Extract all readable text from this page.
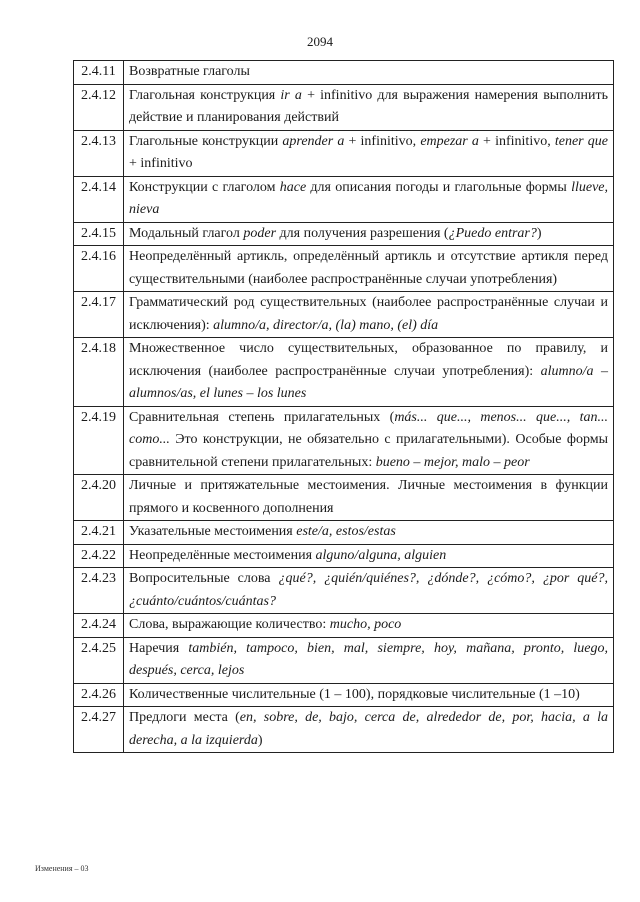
2094
2.4.11	Возвратные глаголы
2.4.12	Глагольная конструкция ir a + infinitivo для выражения намерения выполнить действие и планирования действий
2.4.13	Глагольные конструкции aprender a + infinitivo, empezar a + infinitivo, tener que + infinitivo
2.4.14	Конструкции с глаголом hace для описания погоды и глагольные формы llueve, nieva
2.4.15	Модальный глагол poder для получения разрешения (¿Puedo entrar?)
2.4.16	Неопределённый артикль, определённый артикль и отсутствие артикля перед существительными (наиболее распространённые случаи употребления)
2.4.17	Грамматический род существительных (наиболее распространённые случаи и исключения): alumno/a, director/a, (la) mano, (el) día
2.4.18	Множественное число существительных, образованное по правилу, и исключения (наиболее распространённые случаи употребления): alumno/a – alumnos/as, el lunes – los lunes
2.4.19	Сравнительная степень прилагательных (más... que..., menos... que..., tan... como... Это конструкции, не обязательно с прилагательными). Особые формы сравнительной степени прилагательных: bueno – mejor, malo – peor
2.4.20	Личные и притяжательные местоимения. Личные местоимения в функции прямого и косвенного дополнения
2.4.21	Указательные местоимения este/a, estos/estas
2.4.22	Неопределённые местоимения alguno/alguna, alguien
2.4.23	Вопросительные слова ¿qué?, ¿quién/quiénes?, ¿dónde?, ¿cómo?, ¿por qué?, ¿cuánto/cuántos/cuántas?
2.4.24	Слова, выражающие количество: mucho, poco
2.4.25	Наречия también, tampoco, bien, mal, siempre, hoy, mañana, pronto, luego, después, cerca, lejos
2.4.26	Количественные числительные (1 – 100), порядковые числительные (1 –10)
2.4.27	Предлоги места (en, sobre, de, bajo, cerca de, alrededor de, por, hacia, a la derecha, a la izquierda)
Изменения – 03
